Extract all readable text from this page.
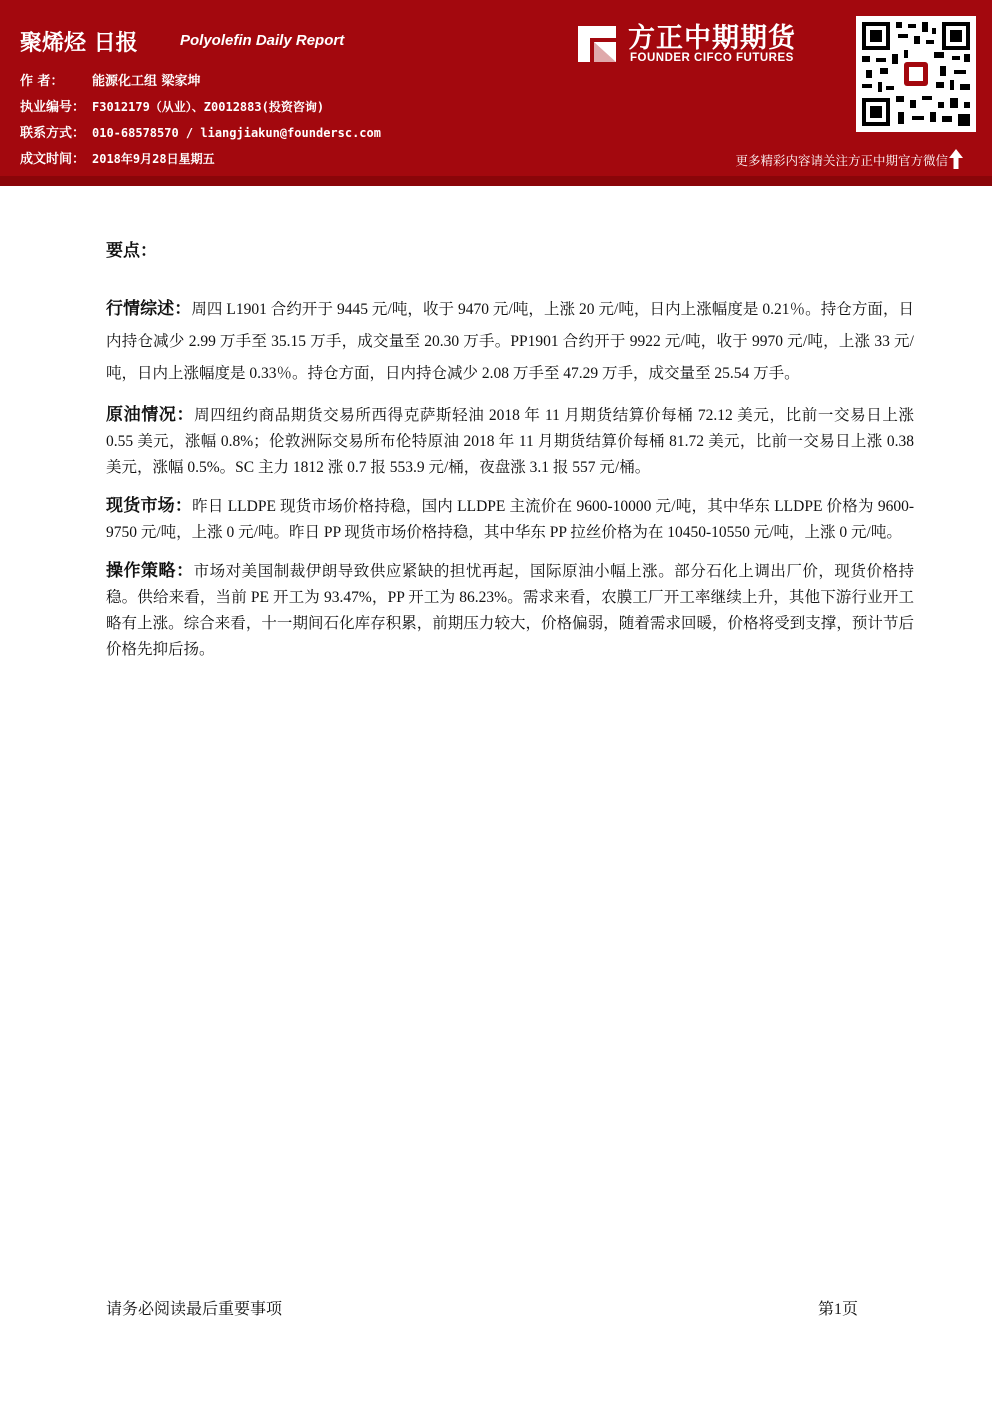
聚烯烃 日报	Polyolefin Daily Report
作 者： 能源化工组 梁家坤
执业编号： F3012179（从业）、Z0012883(投资咨询)
联系方式： 010-68578570 / liangjiakun@foundersc.com
成文时间： 2018年9月28日星期五
方正中期期货
FOUNDER CIFCO FUTURES
更多精彩内容请关注方正中期官方微信

要点：

行情综述：周四 L1901 合约开于 9445 元/吨，收于 9470 元/吨，上涨 20 元/吨，日内上涨幅度是 0.21％。持仓方面，日内持仓减少 2.99 万手至 35.15 万手，成交量至 20.30 万手。PP1901 合约开于 9922 元/吨，收于 9970 元/吨，上涨 33 元/吨，日内上涨幅度是 0.33％。持仓方面，日内持仓减少 2.08 万手至 47.29 万手，成交量至 25.54 万手。

原油情况：周四纽约商品期货交易所西得克萨斯轻油 2018 年 11 月期货结算价每桶 72.12 美元，比前一交易日上涨 0.55 美元，涨幅 0.8%；伦敦洲际交易所布伦特原油 2018 年 11 月期货结算价每桶 81.72 美元，比前一交易日上涨 0.38 美元，涨幅 0.5%。SC 主力 1812 涨 0.7 报 553.9 元/桶，夜盘涨 3.1 报 557 元/桶。

现货市场：昨日 LLDPE 现货市场价格持稳，国内 LLDPE 主流价在 9600-10000 元/吨，其中华东 LLDPE 价格为 9600-9750 元/吨，上涨 0 元/吨。昨日 PP 现货市场价格持稳，其中华东 PP 拉丝价格为在 10450-10550 元/吨，上涨 0 元/吨。

操作策略：市场对美国制裁伊朗导致供应紧缺的担忧再起，国际原油小幅上涨。部分石化上调出厂价，现货价格持稳。供给来看，当前 PE 开工为 93.47%，PP 开工为 86.23%。需求来看，农膜工厂开工率继续上升，其他下游行业开工略有上涨。综合来看，十一期间石化库存积累，前期压力较大，价格偏弱，随着需求回暖，价格将受到支撑，预计节后价格先抑后扬。

请务必阅读最后重要事项	第1页
